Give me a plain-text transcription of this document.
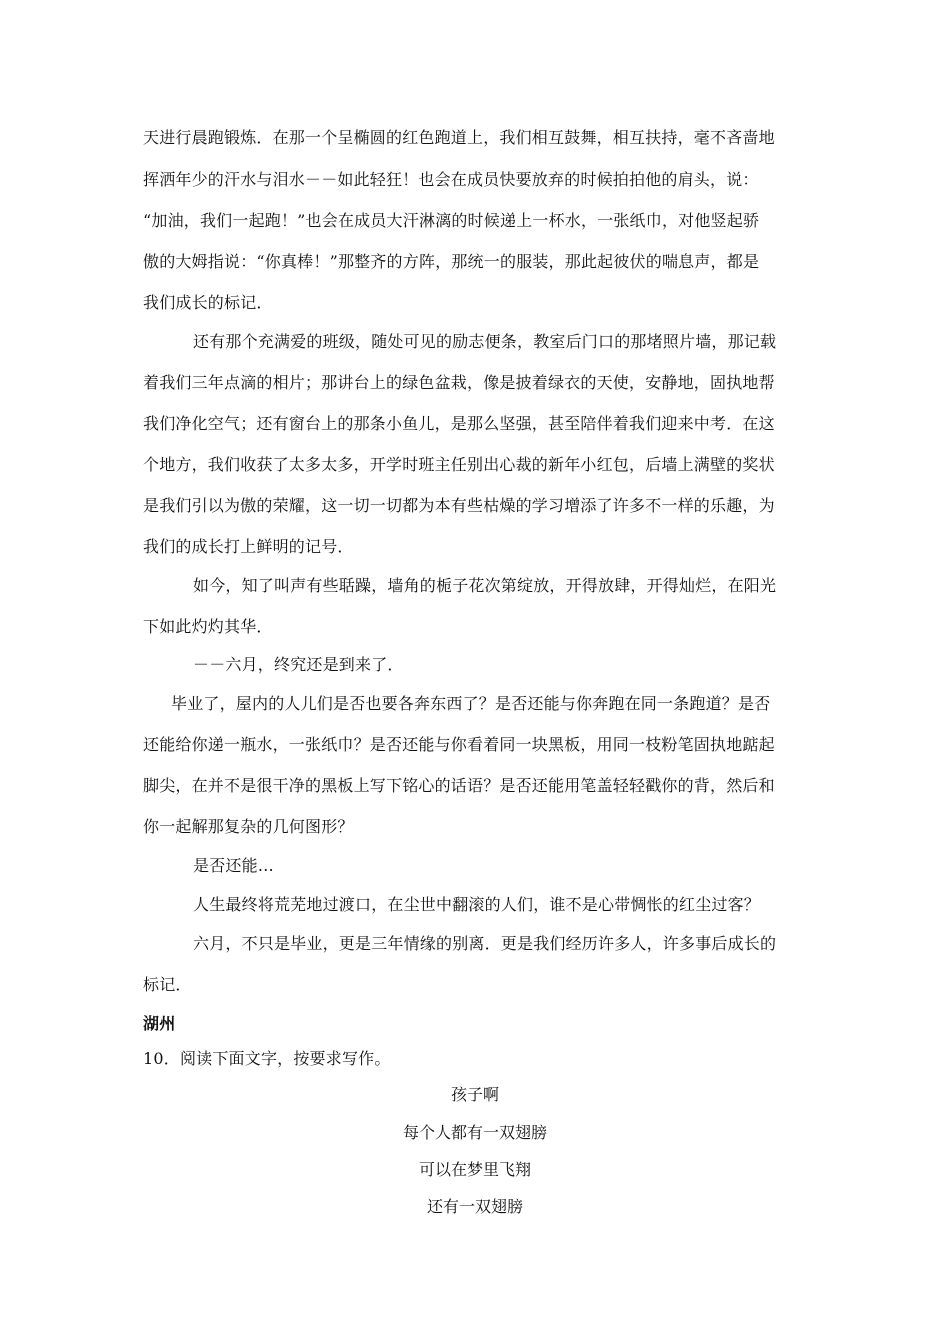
天进行晨跑锻炼．在那一个呈椭圆的红色跑道上，我们相互鼓舞，相互扶持，毫不吝啬地
挥洒年少的汗水与泪水－－如此轻狂！也会在成员快要放弃的时候拍拍他的肩头，说：
“加油，我们一起跑！”也会在成员大汗淋漓的时候递上一杯水，一张纸巾，对他竖起骄
傲的大姆指说：“你真棒！”那整齐的方阵，那统一的服装，那此起彼伏的喘息声，都是
我们成长的标记．
还有那个充满爱的班级，随处可见的励志便条，教室后门口的那堵照片墙，那记载
着我们三年点滴的相片；那讲台上的绿色盆栽，像是披着绿衣的天使，安静地，固执地帮
我们净化空气；还有窗台上的那条小鱼儿，是那么坚强，甚至陪伴着我们迎来中考．在这
个地方，我们收获了太多太多，开学时班主任别出心裁的新年小红包，后墙上满壁的奖状
是我们引以为傲的荣耀，这一切一切都为本有些枯燥的学习增添了许多不一样的乐趣，为
我们的成长打上鲜明的记号．
如今，知了叫声有些聒躁，墙角的栀子花次第绽放，开得放肆，开得灿烂，在阳光
下如此灼灼其华．
－－六月，终究还是到来了．
毕业了，屋内的人儿们是否也要各奔东西了？是否还能与你奔跑在同一条跑道？是否
还能给你递一瓶水，一张纸巾？是否还能与你看着同一块黑板，用同一枝粉笔固执地踮起
脚尖，在并不是很干净的黑板上写下铭心的话语？是否还能用笔盖轻轻戳你的背，然后和
你一起解那复杂的几何图形？
是否还能…
人生最终将荒芜地过渡口，在尘世中翻滚的人们，谁不是心带惆怅的红尘过客？
六月，不只是毕业，更是三年情缘的别离．更是我们经历许多人，许多事后成长的
标记．
湖州
10．阅读下面文字，按要求写作。
孩子啊
每个人都有一双翅膀
可以在梦里飞翔
还有一双翅膀
